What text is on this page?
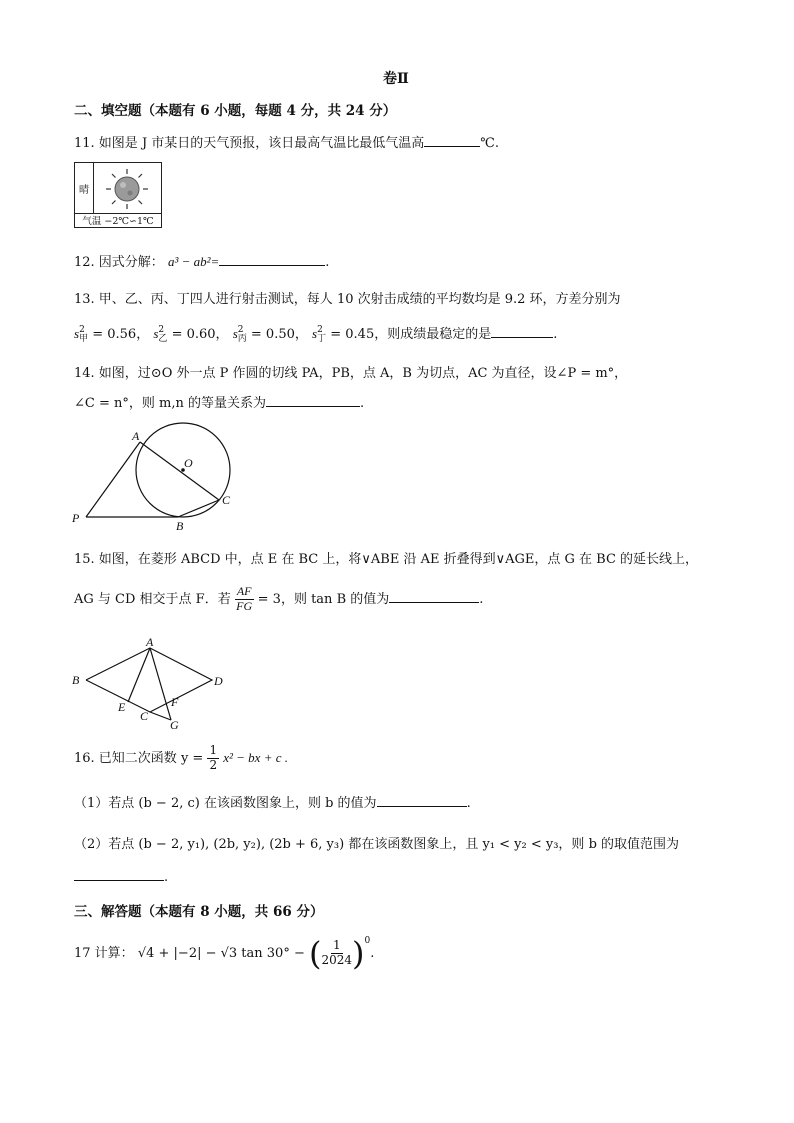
卷Ⅱ
二、填空题（本题有 6 小题，每题 4 分，共 24 分）
11. 如图是 J 市某日的天气预报，该日最高气温比最低气温高	℃.
晴
气温 −2℃∽1℃
12. 因式分解： a³ − ab²=	.
13. 甲、乙、丙、丁四人进行射击测试，每人 10 次射击成绩的平均数均是 9.2 环，方差分别为
s 2
甲 = 0.56， s 2
乙 = 0.60， s 2
丙 = 0.50， s 2
丁 = 0.45，则成绩最稳定的是	.
14. 如图，过⊙O 外一点 P 作圆的切线 PA，PB，点 A，B 为切点，AC 为直径，设∠P = m°，
∠C = n°，则 m,n 的等量关系为	.
A
O
C
P
B
15. 如图，在菱形 ABCD 中，点 E 在 BC 上，将∨ABE 沿 AE 折叠得到∨AGE，点 G 在 BC 的延长线上，
AG 与 CD 相交于点 F．若 $\frac{AF}{FG} = 3$，则 tan B 的值为	.
A
B	D
E
C
F
G
16. 已知二次函数 $y = \frac{1}{2} x^2$ − bx + c .
（1）若点 (b − 2, c) 在该函数图象上，则 b 的值为	.
（2）若点 (b − 2, y₁), (2b, y₂), (2b + 6, y₃) 都在该函数图象上，且 y₁ < y₂ < y₃，则 b 的取值范围为
.
三、解答题（本题有 8 小题，共 66 分）
17 计算： √4 + |−2| − √3 tan 30° − ( $\frac{1}{2024} )^0$.
